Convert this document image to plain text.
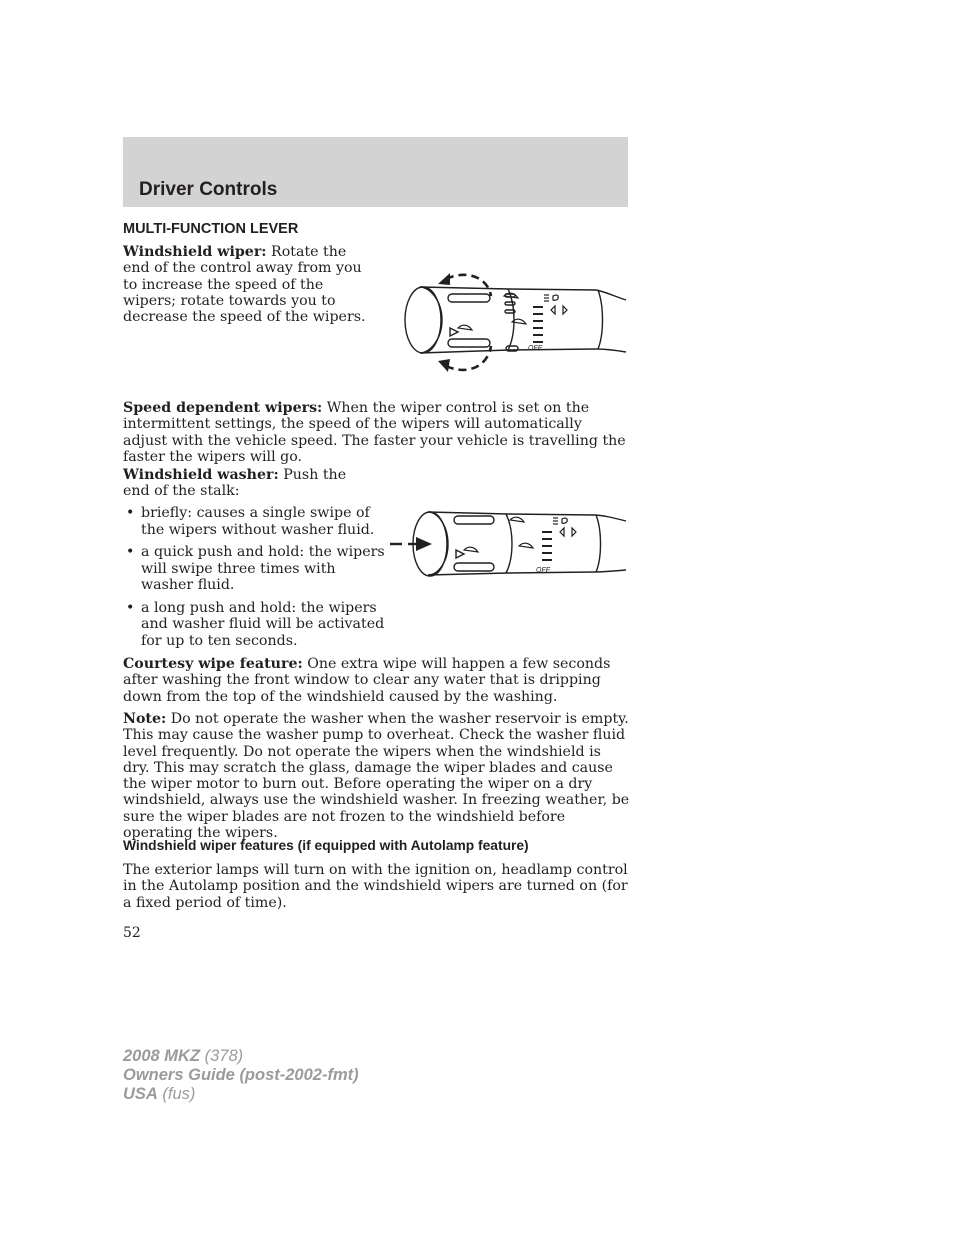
Driver Controls
MULTI-FUNCTION LEVER

Windshield wiper: Rotate the end of the control away from you to increase the speed of the wipers; rotate towards you to decrease the speed of the wipers.

OFF

Speed dependent wipers: When the wiper control is set on the intermittent settings, the speed of the wipers will automatically adjust with the vehicle speed. The faster your vehicle is travelling the faster the wipers will go.

Windshield washer: Push the end of the stalk:

• briefly: causes a single swipe of the wipers without washer fluid.
• a quick push and hold: the wipers will swipe three times with washer fluid.
• a long push and hold: the wipers and washer fluid will be activated for up to ten seconds.
OFF

Courtesy wipe feature: One extra wipe will happen a few seconds after washing the front window to clear any water that is dripping down from the top of the windshield caused by the washing.

Note: Do not operate the washer when the washer reservoir is empty. This may cause the washer pump to overheat. Check the washer fluid level frequently. Do not operate the wipers when the windshield is dry. This may scratch the glass, damage the wiper blades and cause the wiper motor to burn out. Before operating the wiper on a dry windshield, always use the windshield washer. In freezing weather, be sure the wiper blades are not frozen to the windshield before operating the wipers.

Windshield wiper features (if equipped with Autolamp feature)

The exterior lamps will turn on with the ignition on, headlamp control in the Autolamp position and the windshield wipers are turned on (for a fixed period of time).

52

2008 MKZ (378)
Owners Guide (post-2002-fmt)
USA (fus)
